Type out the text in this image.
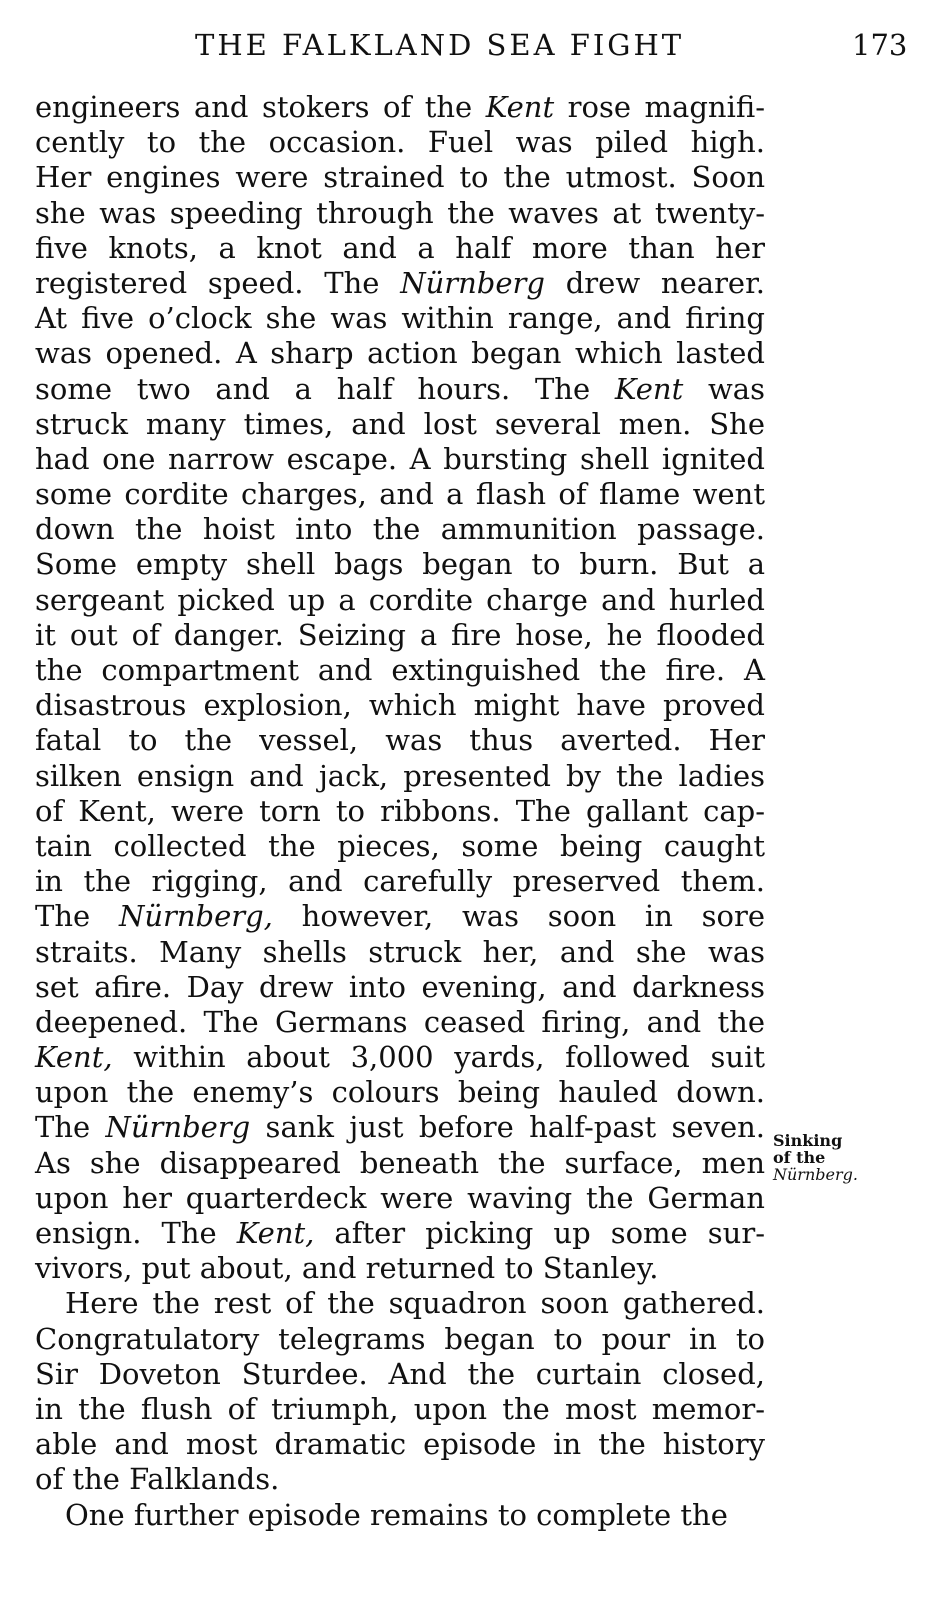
THE FALKLAND SEA FIGHT	173
engineers and stokers of the Kent rose magnifi-
cently to the occasion. Fuel was piled high.
Her engines were strained to the utmost. Soon
she was speeding through the waves at twenty-
five knots, a knot and a half more than her
registered speed. The Nürnberg drew nearer.
At five o’clock she was within range, and firing
was opened. A sharp action began which lasted
some two and a half hours. The Kent was
struck many times, and lost several men. She
had one narrow escape. A bursting shell ignited
some cordite charges, and a flash of flame went
down the hoist into the ammunition passage.
Some empty shell bags began to burn. But a
sergeant picked up a cordite charge and hurled
it out of danger. Seizing a fire hose, he flooded
the compartment and extinguished the fire. A
disastrous explosion, which might have proved
fatal to the vessel, was thus averted. Her
silken ensign and jack, presented by the ladies
of Kent, were torn to ribbons. The gallant cap-
tain collected the pieces, some being caught
in the rigging, and carefully preserved them.
The Nürnberg, however, was soon in sore
straits. Many shells struck her, and she was
set afire. Day drew into evening, and darkness
deepened. The Germans ceased firing, and the
Kent, within about 3,000 yards, followed suit
upon the enemy’s colours being hauled down.
The Nürnberg sank just before half-past seven.
As she disappeared beneath the surface, men
upon her quarterdeck were waving the German
ensign. The Kent, after picking up some sur-
vivors, put about, and returned to Stanley.
Here the rest of the squadron soon gathered.
Congratulatory telegrams began to pour in to
Sir Doveton Sturdee. And the curtain closed,
in the flush of triumph, upon the most memor-
able and most dramatic episode in the history
of the Falklands.
One further episode remains to complete the
Sinking
of the
Nürnberg.
